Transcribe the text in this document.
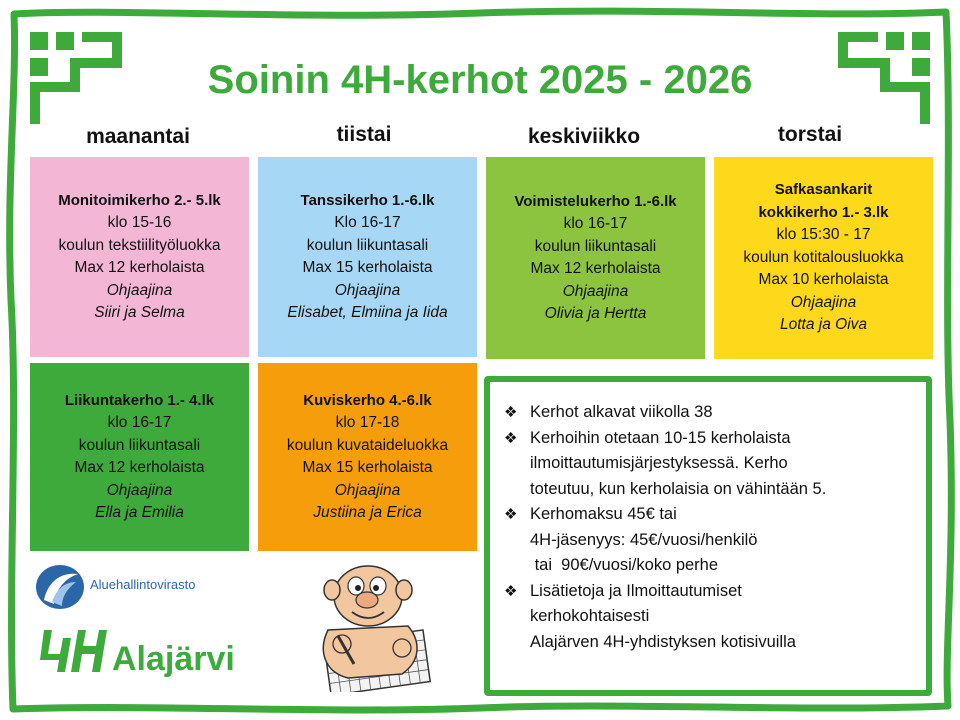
Soinin 4H-kerhot 2025 - 2026
maanantai	tiistai	keskiviikko	torstai
Monitoimikerho 2.- 5.lk
klo 15-16
koulun tekstiilityöluokka
Max 12 kerholaista
Ohjaajina
Siiri ja Selma
Tanssikerho 1.-6.lk
Klo 16-17
koulun liikuntasali
Max 15 kerholaista
Ohjaajina
Elisabet, Elmiina ja Iida
Voimistelukerho 1.-6.lk
klo 16-17
koulun liikuntasali
Max 12 kerholaista
Ohjaajina
Olivia ja Hertta
Safkasankarit
kokkikerho 1.- 3.lk
klo 15:30 - 17
koulun kotitalousluokka
Max 10 kerholaista
Ohjaajina
Lotta ja Oiva
Liikuntakerho 1.- 4.lk
klo 16-17
koulun liikuntasali
Max 12 kerholaista
Ohjaajina
Ella ja Emilia
Kuviskerho 4.-6.lk
klo 17-18
koulun kuvataideluokka
Max 15 kerholaista
Ohjaajina
Justiina ja Erica
❖ Kerhot alkavat viikolla 38
❖ Kerhoihin otetaan 10-15 kerholaista
ilmoittautumisjärjestyksessä. Kerho
toteutuu, kun kerholaisia on vähintään 5.
❖ Kerhomaksu 45€ tai
4H-jäsenyys: 45€/vuosi/henkilö
tai  90€/vuosi/koko perhe
❖ Lisätietoja ja Ilmoittautumiset
kerhokohtaisesti
Alajärven 4H-yhdistyksen kotisivuilla
Aluehallintovirasto
Alajärvi
